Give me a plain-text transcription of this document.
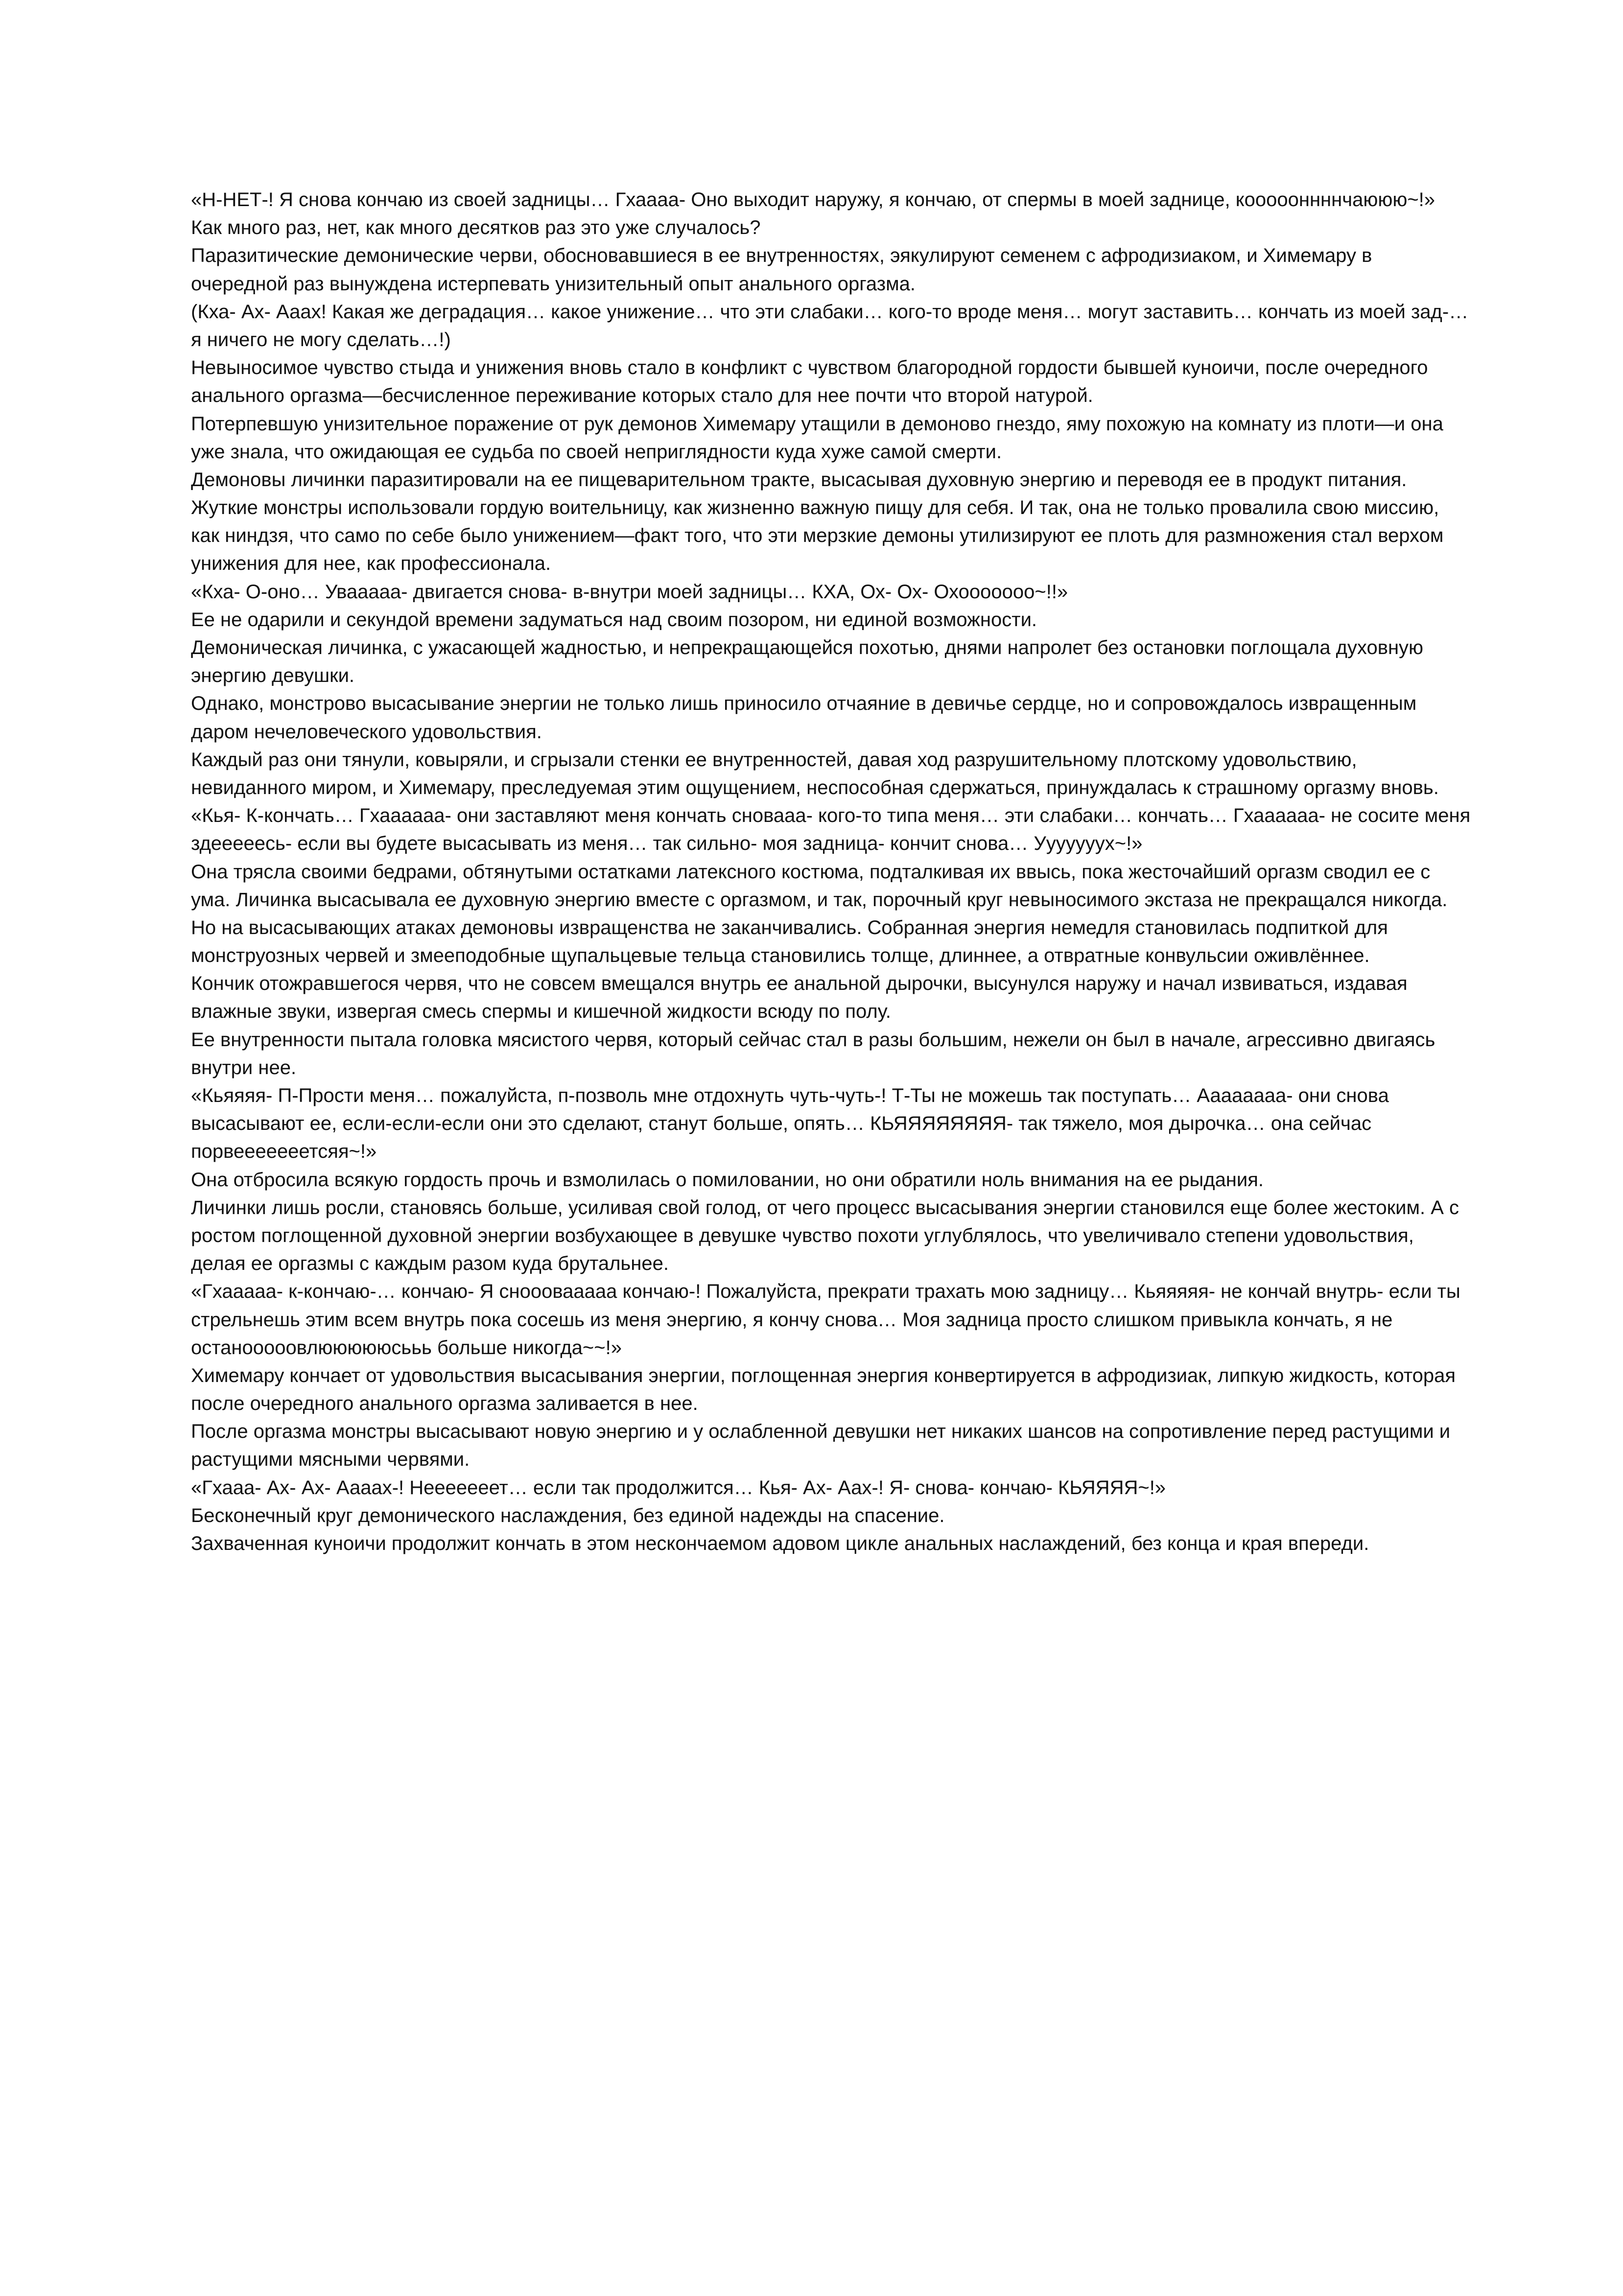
«Н-НЕТ-! Я снова кончаю из своей задницы… Гхаааа- Оно выходит наружу, я кончаю, от спермы в моей заднице, коооооннннчаююю~!»

Как много раз, нет, как много десятков раз это уже случалось?

Паразитические демонические черви, обосновавшиеся в ее внутренностях, эякулируют семенем с афродизиаком, и Химемару в очередной раз вынуждена истерпевать унизительный опыт анального оргазма.

(Кха- Ах- Ааах! Какая же деградация… какое унижение… что эти слабаки… кого-то вроде меня… могут заставить… кончать из моей зад-… я ничего не могу сделать…!)

Невыносимое чувство стыда и унижения вновь стало в конфликт с чувством благородной гордости бывшей куноичи, после очередного анального оргазма—бесчисленное переживание которых стало для нее почти что второй натурой.

Потерпевшую унизительное поражение от рук демонов Химемару утащили в демоново гнездо, яму похожую на комнату из плоти—и она уже знала, что ожидающая ее судьба по своей неприглядности куда хуже самой смерти.

Демоновы личинки паразитировали на ее пищеварительном тракте, высасывая духовную энергию и переводя ее в продукт питания. Жуткие монстры использовали гордую воительницу, как жизненно важную пищу для себя. И так, она не только провалила свою миссию, как ниндзя, что само по себе было унижением—факт того, что эти мерзкие демоны утилизируют ее плоть для размножения стал верхом унижения для нее, как профессионала.

«Кха- О-оно… Уваааaа- двигается снова- в-внутри моей задницы… КХА, Ох- Ох- Охооооооо~!!»

Ее не одарили и секундой времени задуматься над своим позором, ни единой возможности.

Демоническая личинка, с ужасающей жадностью, и непрекращающейся похотью, днями напролет без остановки поглощала духовную энергию девушки.

Однако, монстрово высасывание энергии не только лишь приносило отчаяние в девичье сердце, но и сопровождалось извращенным даром нечеловеческого удовольствия.

Каждый раз они тянули, ковыряли, и сгрызали стенки ее внутренностей, давая ход разрушительному плотскому удовольствию, невиданного миром, и Химемару, преследуемая этим ощущением, неспособная сдержаться, принуждалась к страшному оргазму вновь.

«Кья- К-кончать… Гхаааааа- они заставляют меня кончать сноваaа- кого-то типа меня… эти слабаки… кончать… Гхааааaа- не сосите меня здееееесь- если вы будете высасывать из меня… так сильно- моя задница- кончит снова… Уууууууx~!»

Она трясла своими бедрами, обтянутыми остатками латексного костюма, подталкивая их ввысь, пока жесточайший оргазм сводил ее с ума. Личинка высасывала ее духовную энергию вместе с оргазмом, и так, порочный круг невыносимого экстаза не прекращался никогда.

Но на высасывающих атаках демоновы извращенства не заканчивались. Собранная энергия немедля становилась подпиткой для монструозных червей и змееподобные щупальцевые тельца становились толще, длиннее, а отвратные конвульсии оживлённее.

Кончик отожравшегося червя, что не совсем вмещался внутрь ее анальной дырочки, высунулся наружу и начал извиваться, издавая влажные звуки, извергая смесь спермы и кишечной жидкости всюду по полу.

Ее внутренности пытала головка мясистого червя, который сейчас стал в разы большим, нежели он был в начале, агрессивно двигаясь внутри нее.

«Кьяяяя- П-Прости меня… пожалуйста, п-позволь мне отдохнуть чуть-чуть-! Т-Ты не можешь так поступать… Аааааааа- они снова высасывают ее, если-если-если они это сделают, станут больше, опять… КЬЯЯЯЯЯЯЯЯ- так тяжело, моя дырочка… она сейчас порвееееееетсяя~!»

Она отбросила всякую гордость прочь и взмолилась о помиловании, но они обратили ноль внимания на ее рыдания.

Личинки лишь росли, становясь больше, усиливая свой голод, от чего процесс высасывания энергии становился еще более жестоким. А с ростом поглощенной духовной энергии возбухающее в девушке чувство похоти углублялось, что увеличивало степени удовольствия, делая ее оргазмы с каждым разом куда брутальнее.

«Гхааааа- к-кончаю-… кончаю- Я снооовааааа кончаю-! Пожалуйста, прекрати трахать мою задницу… Кьяяяяя- не кончай внутрь- если ты стрельнешь этим всем внутрь пока сосешь из меня энергию, я кончу снова… Моя задница просто слишком привыкла кончать, я не останооооовлюююююсььь больше никогда~~!»

Химемару кончает от удовольствия высасывания энергии, поглощенная энергия конвертируется в афродизиак, липкую жидкость, которая после очередного анального оргазма заливается в нее.

После оргазма монстры высасывают новую энергию и у ослабленной девушки нет никаких шансов на сопротивление перед растущими и растущими мясными червями.

«Гхааа- Ах- Ах- Аааах-! Нееееееет… если так продолжится… Кья- Ах- Аах-! Я- снова- кончаю- КЬЯЯЯЯ~!»

Бесконечный круг демонического наслаждения, без единой надежды на спасение.

Захваченная куноичи продолжит кончать в этом нескончаемом адовом цикле анальных наслаждений, без конца и края впереди.
